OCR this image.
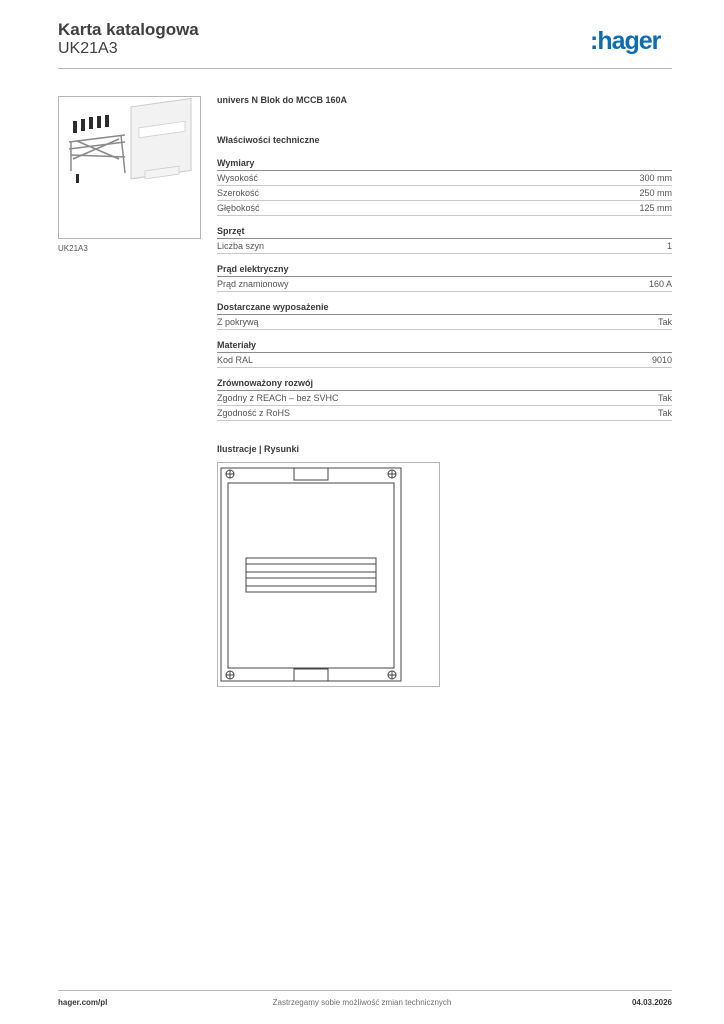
Karta katalogowa
UK21A3	:hager
UK21A3
univers N Blok do MCCB 160A
Właściwości techniczne
Wymiary
Wysokość	300 mm
Szerokość	250 mm
Głębokość	125 mm
Sprzęt
Liczba szyn	1
Prąd elektryczny
Prąd znamionowy	160 A
Dostarczane wyposażenie
Z pokrywą	Tak
Materiały
Kod RAL	9010
Zrównoważony rozwój
Zgodny z REACh – bez SVHC	Tak
Zgodność z RoHS	Tak
Ilustracje | Rysunki
hager.com/pl	Zastrzegamy sobie możliwość zmian technicznych	04.03.2026
